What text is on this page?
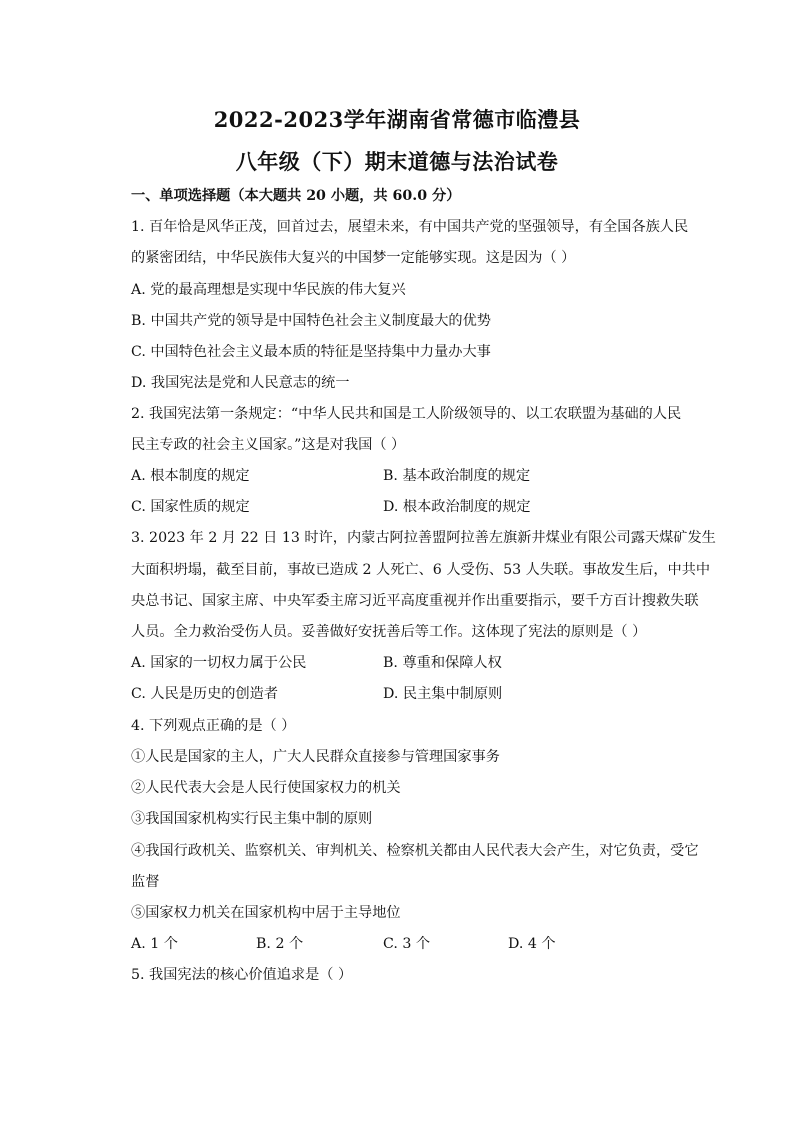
2022-2023学年湖南省常德市临澧县
八年级（下）期末道德与法治试卷
一、单项选择题（本大题共 20 小题，共 60.0 分）
1. 百年恰是风华正茂，回首过去，展望未来，有中国共产党的坚强领导，有全国各族人民
的紧密团结，中华民族伟大复兴的中国梦一定能够实现。这是因为（ ）
A. 党的最高理想是实现中华民族的伟大复兴
B. 中国共产党的领导是中国特色社会主义制度最大的优势
C. 中国特色社会主义最本质的特征是坚持集中力量办大事
D. 我国宪法是党和人民意志的统一
2. 我国宪法第一条规定：“中华人民共和国是工人阶级领导的、以工农联盟为基础的人民
民主专政的社会主义国家。”这是对我国（ ）
A. 根本制度的规定	B. 基本政治制度的规定
C. 国家性质的规定	D. 根本政治制度的规定
3. 2023 年 2 月 22 日 13 时许，内蒙古阿拉善盟阿拉善左旗新井煤业有限公司露天煤矿发生
大面积坍塌，截至目前，事故已造成 2 人死亡、6 人受伤、53 人失联。事故发生后，中共中
央总书记、国家主席、中央军委主席习近平高度重视并作出重要指示，要千方百计搜救失联
人员。全力救治受伤人员。妥善做好安抚善后等工作。这体现了宪法的原则是（ ）
A. 国家的一切权力属于公民	B. 尊重和保障人权
C. 人民是历史的创造者	D. 民主集中制原则
4. 下列观点正确的是（ ）
①人民是国家的主人，广大人民群众直接参与管理国家事务
②人民代表大会是人民行使国家权力的机关
③我国国家机构实行民主集中制的原则
④我国行政机关、监察机关、审判机关、检察机关都由人民代表大会产生，对它负责，受它
监督
⑤国家权力机关在国家机构中居于主导地位
A. 1 个	B. 2 个	C. 3 个	D. 4 个
5. 我国宪法的核心价值追求是（ ）
